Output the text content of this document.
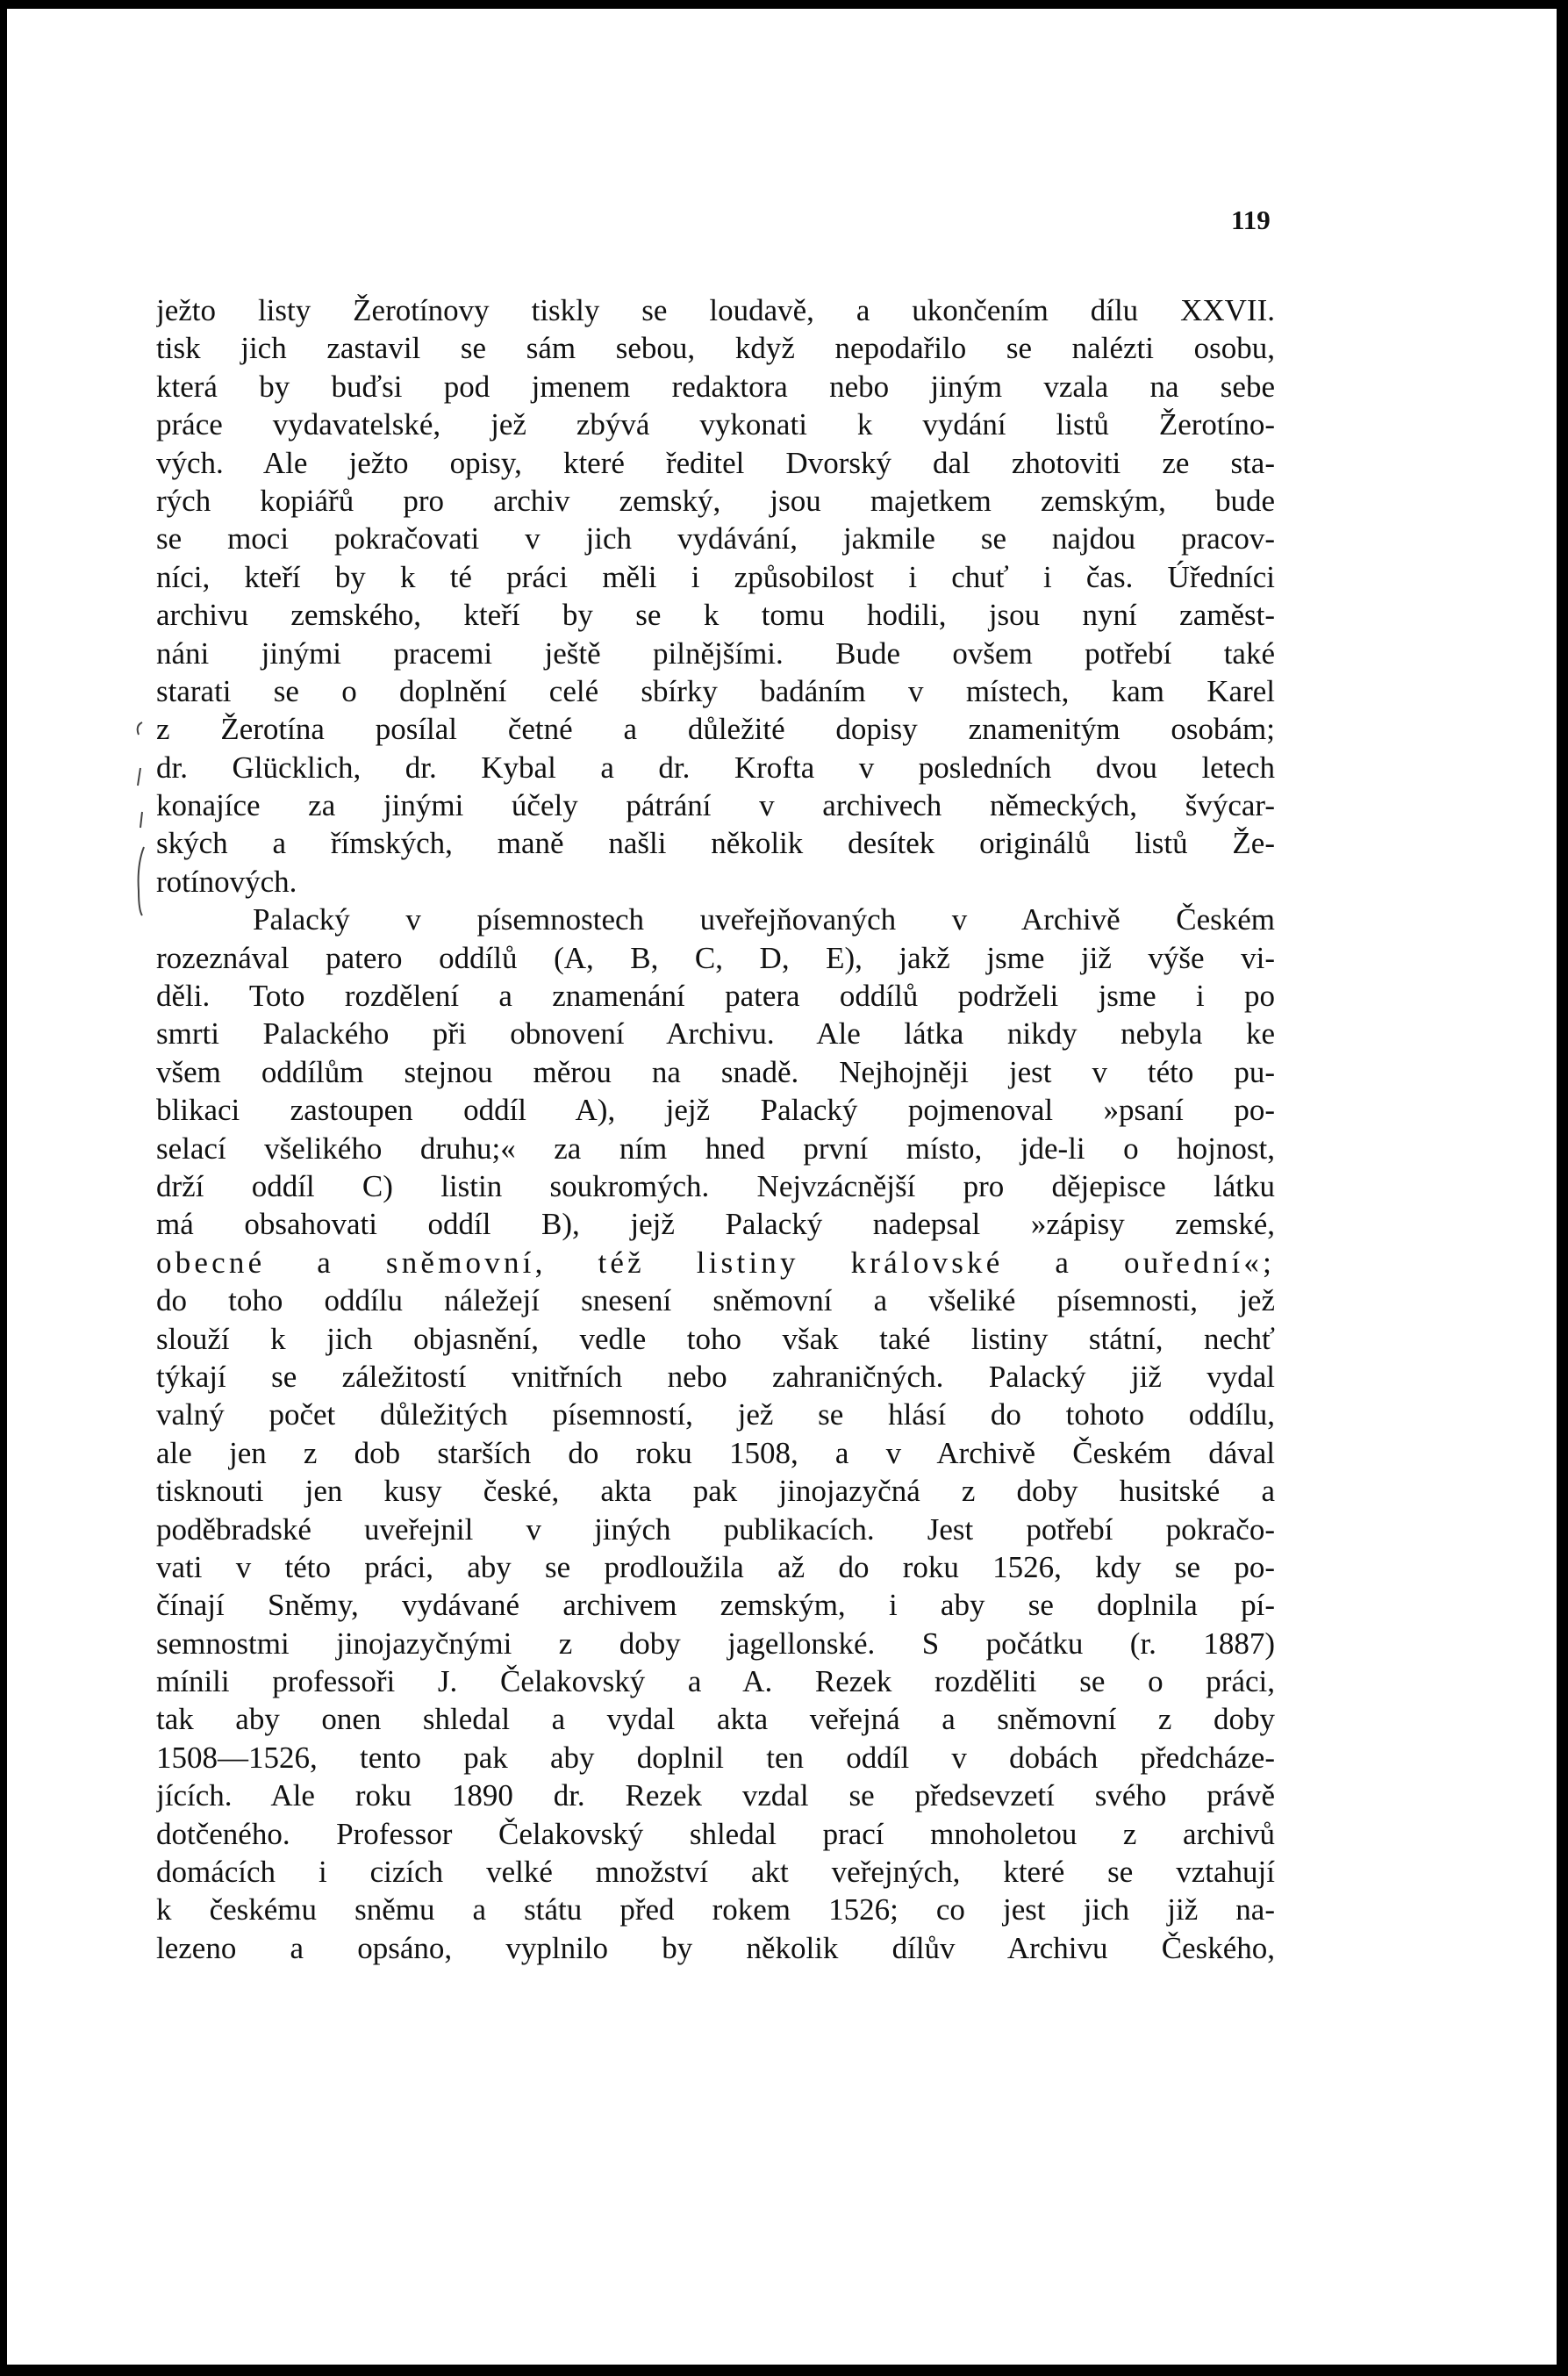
119
ježto listy Žerotínovy tiskly se loudavě, a ukončením dílu XXVII.
tisk jich zastavil se sám sebou, když nepodařilo se nalézti osobu,
která by buďsi pod jmenem redaktora nebo jiným vzala na sebe
práce vydavatelské, jež zbývá vykonati k vydání listů Žerotíno-
vých. Ale ježto opisy, které ředitel Dvorský dal zhotoviti ze sta-
rých kopiářů pro archiv zemský, jsou majetkem zemským, bude
se moci pokračovati v jich vydávání, jakmile se najdou pracov-
níci, kteří by k té práci měli i způsobilost i chuť i čas. Úředníci
archivu zemského, kteří by se k tomu hodili, jsou nyní zaměst-
náni jinými pracemi ještě pilnějšími. Bude ovšem potřebí také
starati se o doplnění celé sbírky badáním v místech, kam Karel
z Žerotína posílal četné a důležité dopisy znamenitým osobám;
dr. Glücklich, dr. Kybal a dr. Krofta v posledních dvou letech
konajíce za jinými účely pátrání v archivech německých, švýcar-
ských a římských, maně našli několik desítek originálů listů Že-
rotínových.
Palacký v písemnostech uveřejňovaných v Archivě Českém
rozeznával patero oddílů (A, B, C, D, E), jakž jsme již výše vi-
děli. Toto rozdělení a znamenání patera oddílů podrželi jsme i po
smrti Palackého při obnovení Archivu. Ale látka nikdy nebyla ke
všem oddílům stejnou měrou na snadě. Nejhojněji jest v této pu-
blikaci zastoupen oddíl A), jejž Palacký pojmenoval »psaní po-
selací všelikého druhu;« za ním hned první místo, jde-li o hojnost,
drží oddíl C) listin soukromých. Nejvzácnější pro dějepisce látku
má obsahovati oddíl B), jejž Palacký nadepsal »zápisy zemské,
obecné a sněmovní, též listiny královské a ouřední«;
do toho oddílu náležejí snesení sněmovní a všeliké písemnosti, jež
slouží k jich objasnění, vedle toho však také listiny státní, nechť
týkají se záležitostí vnitřních nebo zahraničných. Palacký již vydal
valný počet důležitých písemností, jež se hlásí do tohoto oddílu,
ale jen z dob starších do roku 1508, a v Archivě Českém dával
tisknouti jen kusy české, akta pak jinojazyčná z doby husitské a
poděbradské uveřejnil v jiných publikacích. Jest potřebí pokračo-
vati v této práci, aby se prodloužila až do roku 1526, kdy se po-
čínají Sněmy, vydávané archivem zemským, i aby se doplnila pí-
semnostmi jinojazyčnými z doby jagellonské. S počátku (r. 1887)
mínili professoři J. Čelakovský a A. Rezek rozděliti se o práci,
tak aby onen shledal a vydal akta veřejná a sněmovní z doby
1508—1526, tento pak aby doplnil ten oddíl v dobách předcháze-
jících. Ale roku 1890 dr. Rezek vzdal se předsevzetí svého právě
dotčeného. Professor Čelakovský shledal prací mnoholetou z archivů
domácích i cizích velké množství akt veřejných, které se vztahují
k českému sněmu a státu před rokem 1526; co jest jich již na-
lezeno a opsáno, vyplnilo by několik dílův Archivu Českého,
